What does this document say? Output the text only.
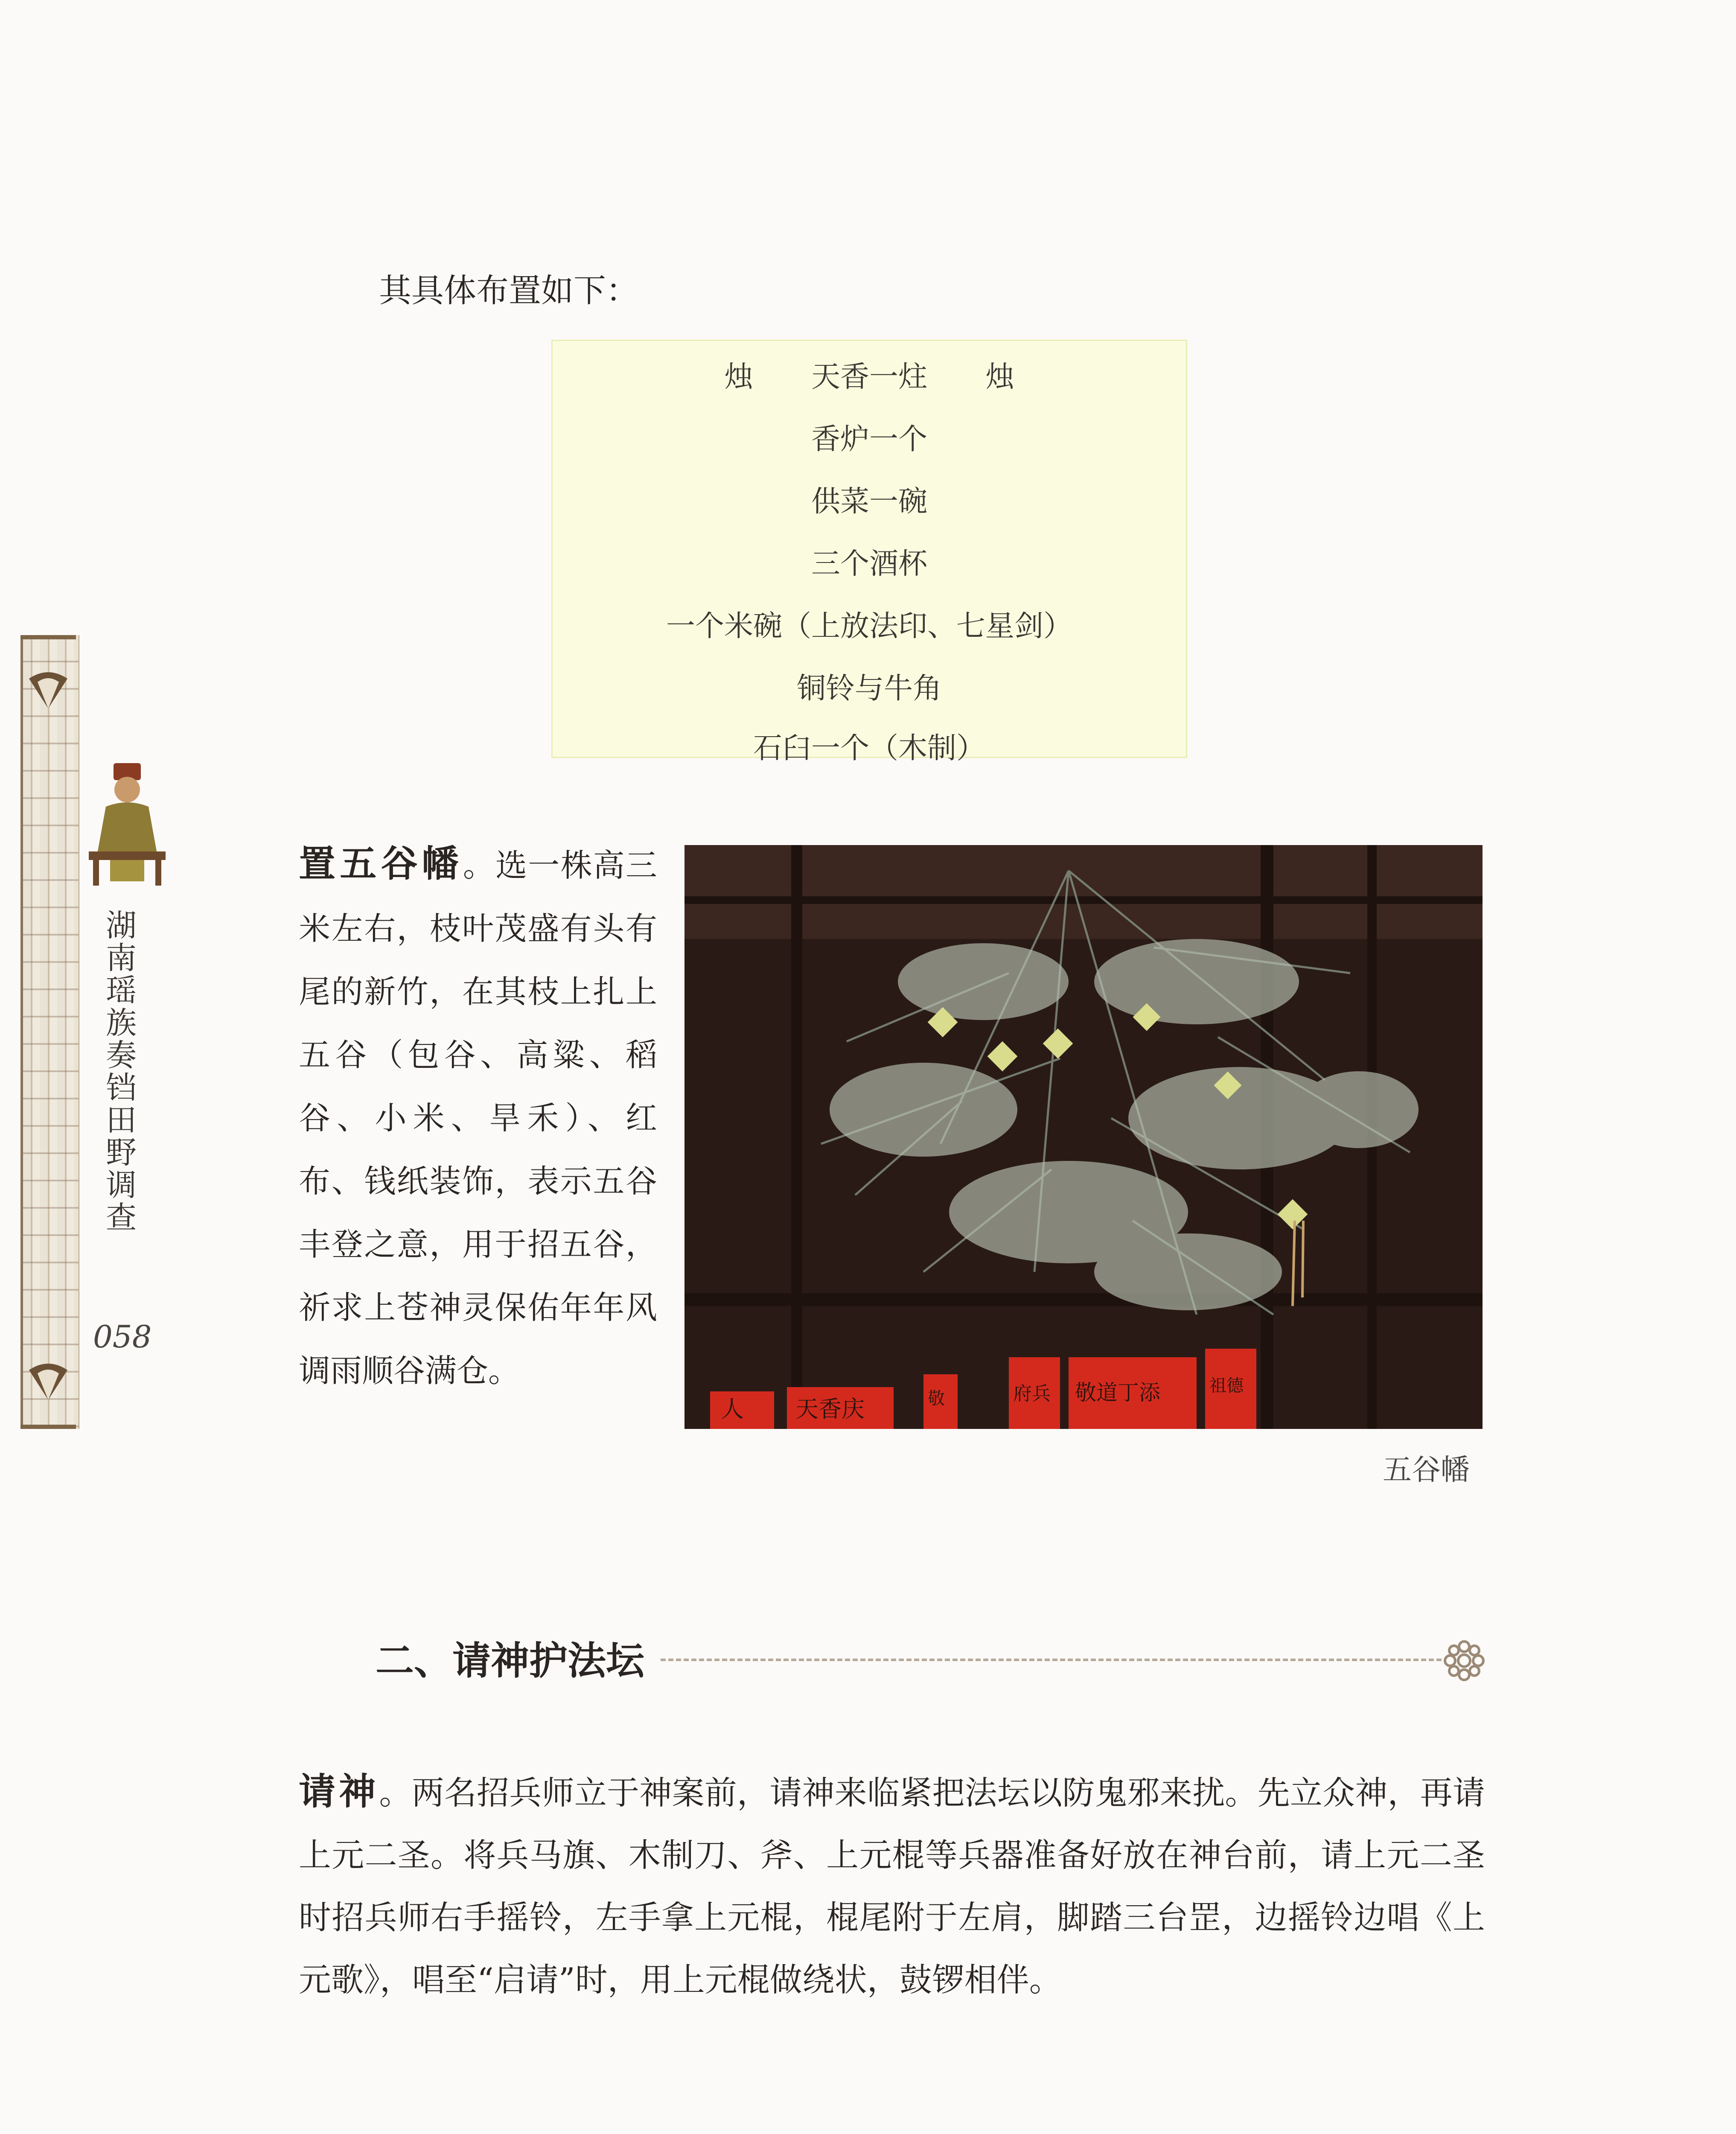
湖南瑶族奏铛田野调查
058
其具体布置如下：
烛　　天香一炷　　烛
香炉一个
供菜一碗
三个酒杯
一个米碗（上放法印、七星剑）
铜铃与牛角
石臼一个（木制）
置五谷幡。选一株高三米左右，枝叶茂盛有头有尾的新竹，在其枝上扎上五谷（包谷、高粱、稻谷、小米、旱禾）、红布、钱纸装饰，表示五谷丰登之意，用于招五谷，祈求上苍神灵保佑年年风调雨顺谷满仓。
人 天香庆	敬	府兵 敬道丁添	祖德
五谷幡
二、请神护法坛
请神。两名招兵师立于神案前，请神来临紧把法坛以防鬼邪来扰。先立众神，再请上元二圣。将兵马旗、木制刀、斧、上元棍等兵器准备好放在神台前，请上元二圣时招兵师右手摇铃，左手拿上元棍，棍尾附于左肩，脚踏三台罡，边摇铃边唱《上元歌》，唱至“启请”时，用上元棍做绕状，鼓锣相伴。
